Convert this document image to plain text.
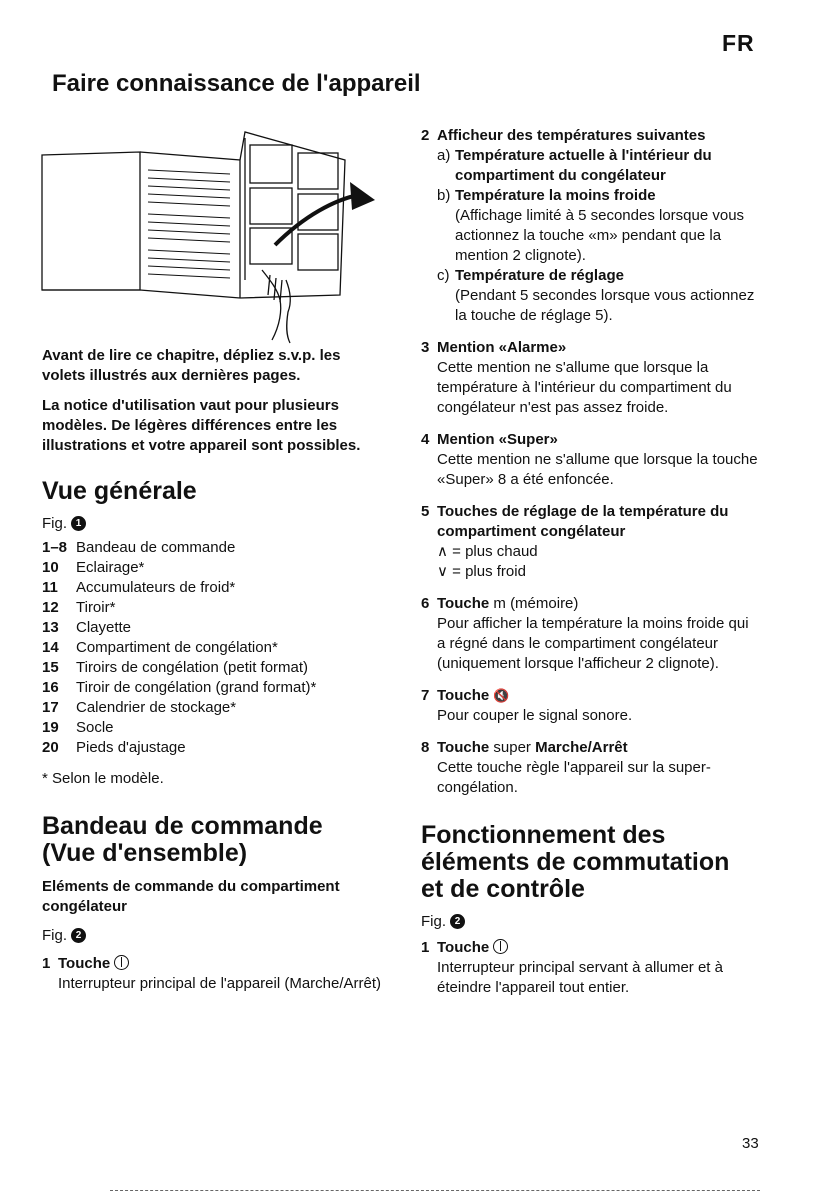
FR
Faire connaissance de l'appareil

Avant de lire ce chapitre, dépliez s.v.p. les volets illustrés aux dernières pages.

La notice d'utilisation vaut pour plusieurs modèles. De légères différences entre les illustrations et votre appareil sont possibles.

Vue générale

Fig. 1

1–8 Bandeau de commande
10	Eclairage*
11	Accumulateurs de froid*
12	Tiroir*
13	Clayette
14	Compartiment de congélation*
15	Tiroirs de congélation (petit format)
16	Tiroir de congélation (grand format)*
17	Calendrier de stockage*
19	Socle
20	Pieds d'ajustage

* Selon le modèle.

Bandeau de commande
(Vue d'ensemble)

Eléments de commande du compartiment congélateur

Fig. 2

1 Touche

Interrupteur principal de l'appareil (Marche/Arrêt)

2 Afficheur des températures suivantes

a) Température actuelle à l'intérieur du compartiment du congélateur
b) Température la moins froide
(Affichage limité à 5 secondes lorsque vous actionnez la touche «m» pendant que la mention 2 clignote).
c) Température de réglage
(Pendant 5 secondes lorsque vous actionnez la touche de réglage 5).

3 Mention «Alarme»

Cette mention ne s'allume que lorsque la température à l'intérieur du compartiment du congélateur n'est pas assez froide.

4 Mention «Super»

Cette mention ne s'allume que lorsque la touche «Super» 8 a été enfoncée.

5 Touches de réglage de la température du compartiment congélateur

∧ = plus chaud
∨ = plus froid

6 Touche m (mémoire)

Pour afficher la température la moins froide qui a régné dans le compartiment congélateur (uniquement lorsque l'afficheur 2 clignote).

7 Touche 🔇

Pour couper le signal sonore.

8 Touche super Marche/Arrêt

Cette touche règle l'appareil sur la super-congélation.
Fonctionnement des
éléments de commutation
et de contrôle

Fig. 2

1 Touche

Interrupteur principal servant à allumer et à éteindre l'appareil tout entier.
33
